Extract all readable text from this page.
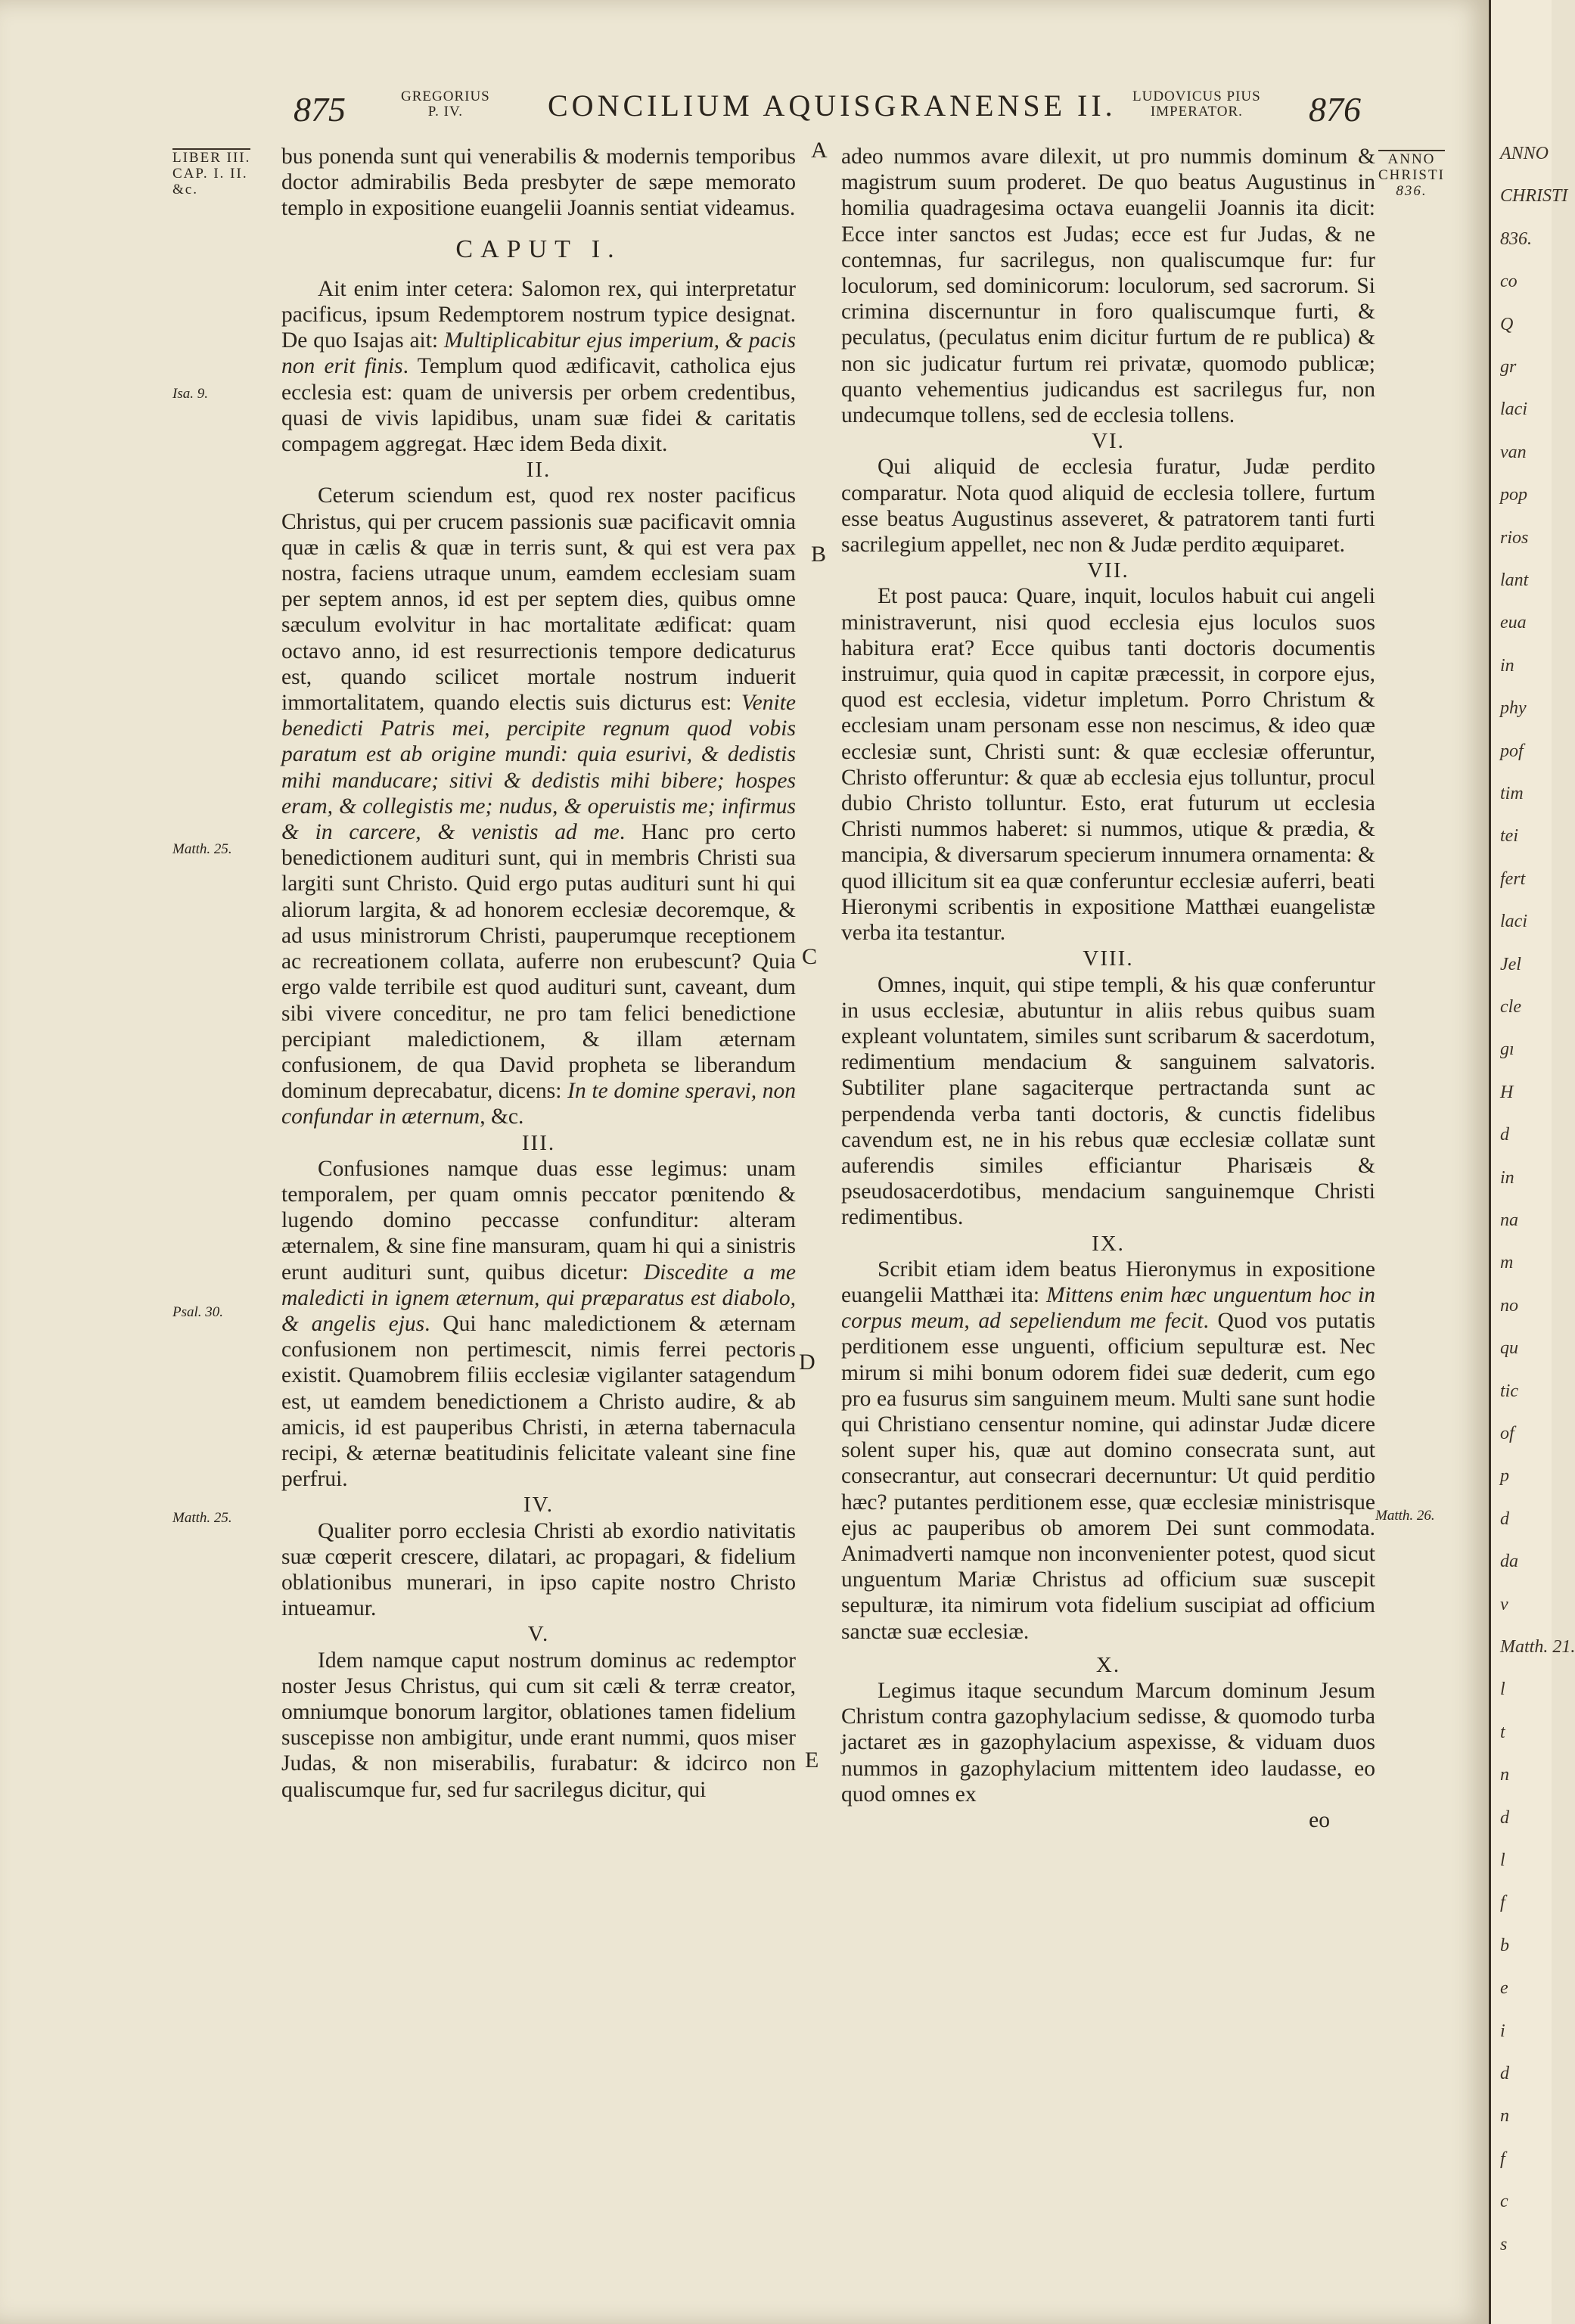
875	GREGORIUS
P. IV.	CONCILIUM AQUISGRANENSE II. LUDOVICUS PIUS
IMPERATOR.	876
LIBER III.
CAP. I. II.
&c.
Isa. 9.
Matth. 25.
Psal. 30.
Matth. 25.
ANNO
CHRISTI
836.
Matth. 26.
A
B
C
D
E

bus ponenda sunt qui venerabilis & modernis temporibus doctor admirabilis Beda presbyter de sæpe memorato templo in expositione euangelii Joannis sentiat videamus.

CAPUT I.

Ait enim inter cetera: Salomon rex, qui interpretatur pacificus, ipsum Redemptorem nostrum typice designat. De quo Isajas ait: Multiplicabitur ejus imperium, & pacis non erit finis. Templum quod ædificavit, catholica ejus ecclesia est: quam de universis per orbem credentibus, quasi de vivis lapidibus, unam suæ fidei & caritatis compagem aggregat. Hæc idem Beda dixit.

II.

Ceterum sciendum est, quod rex noster pacificus Christus, qui per crucem passionis suæ pacificavit omnia quæ in cælis & quæ in terris sunt, & qui est vera pax nostra, faciens utraque unum, eamdem ecclesiam suam per septem annos, id est per septem dies, quibus omne sæculum evolvitur in hac mortalitate ædificat: quam octavo anno, id est resurrectionis tempore dedicaturus est, quando scilicet mortale nostrum induerit immortalitatem, quando electis suis dicturus est: Venite benedicti Patris mei, percipite regnum quod vobis paratum est ab origine mundi: quia esurivi, & dedistis mihi manducare; sitivi & dedistis mihi bibere; hospes eram, & collegistis me; nudus, & operuistis me; infirmus & in carcere, & venistis ad me. Hanc pro certo benedictionem audituri sunt, qui in membris Christi sua largiti sunt Christo. Quid ergo putas audituri sunt hi qui aliorum largita, & ad honorem ecclesiæ decoremque, & ad usus ministrorum Christi, pauperumque receptionem ac recreationem collata, auferre non erubescunt? Quia ergo valde terribile est quod audituri sunt, caveant, dum sibi vivere conceditur, ne pro tam felici benedictione percipiant maledictionem, & illam æternam confusionem, de qua David propheta se liberandum dominum deprecabatur, dicens: In te domine speravi, non confundar in æternum, &c.

III.

Confusiones namque duas esse legimus: unam temporalem, per quam omnis peccator pœnitendo & lugendo domino peccasse confunditur: alteram æternalem, & sine fine mansuram, quam hi qui a sinistris erunt audituri sunt, quibus dicetur: Discedite a me maledicti in ignem æternum, qui præparatus est diabolo, & angelis ejus. Qui hanc maledictionem & æternam confusionem non pertimescit, nimis ferrei pectoris existit. Quamobrem filiis ecclesiæ vigilanter satagendum est, ut eamdem benedictionem a Christo audire, & ab amicis, id est pauperibus Christi, in æterna tabernacula recipi, & æternæ beatitudinis felicitate valeant sine fine perfrui.

IV.

Qualiter porro ecclesia Christi ab exordio nativitatis suæ cœperit crescere, dilatari, ac propagari, & fidelium oblationibus munerari, in ipso capite nostro Christo intueamur.

V.

Idem namque caput nostrum dominus ac redemptor noster Jesus Christus, qui cum sit cæli & terræ creator, omniumque bonorum largitor, oblationes tamen fidelium suscepisse non ambigitur, unde erant nummi, quos miser Judas, & non miserabilis, furabatur: & idcirco non qualiscumque fur, sed fur sacrilegus dicitur, qui

adeo nummos avare dilexit, ut pro nummis dominum & magistrum suum proderet. De quo beatus Augustinus in homilia quadragesima octava euangelii Joannis ita dicit: Ecce inter sanctos est Judas; ecce est fur Judas, & ne contemnas, fur sacrilegus, non qualiscumque fur: fur loculorum, sed dominicorum: loculorum, sed sacrorum. Si crimina discernuntur in foro qualiscumque furti, & peculatus, (peculatus enim dicitur furtum de re publica) & non sic judicatur furtum rei privatæ, quomodo publicæ; quanto vehementius judicandus est sacrilegus fur, non undecumque tollens, sed de ecclesia tollens.

VI.

Qui aliquid de ecclesia furatur, Judæ perdito comparatur. Nota quod aliquid de ecclesia tollere, furtum esse beatus Augustinus asseveret, & patratorem tanti furti sacrilegium appellet, nec non & Judæ perdito æquiparet.

VII.

Et post pauca: Quare, inquit, loculos habuit cui angeli ministraverunt, nisi quod ecclesia ejus loculos suos habitura erat? Ecce quibus tanti doctoris documentis instruimur, quia quod in capitæ præcessit, in corpore ejus, quod est ecclesia, videtur impletum. Porro Christum & ecclesiam unam personam esse non nescimus, & ideo quæ ecclesiæ sunt, Christi sunt: & quæ ecclesiæ offeruntur, Christo offeruntur: & quæ ab ecclesia ejus tolluntur, procul dubio Christo tolluntur. Esto, erat futurum ut ecclesia Christi nummos haberet: si nummos, utique & prædia, & mancipia, & diversarum specierum innumera ornamenta: & quod illicitum sit ea quæ conferuntur ecclesiæ auferri, beati Hieronymi scribentis in expositione Matthæi euangelistæ verba ita testantur.

VIII.

Omnes, inquit, qui stipe templi, & his quæ conferuntur in usus ecclesiæ, abutuntur in aliis rebus quibus suam expleant voluntatem, similes sunt scribarum & sacerdotum, redimentium mendacium & sanguinem salvatoris. Subtiliter plane sagaciterque pertractanda sunt ac perpendenda verba tanti doctoris, & cunctis fidelibus cavendum est, ne in his rebus quæ ecclesiæ collatæ sunt auferendis similes efficiantur Pharisæis & pseudosacerdotibus, mendacium sanguinemque Christi redimentibus.

IX.

Scribit etiam idem beatus Hieronymus in expositione euangelii Matthæi ita: Mittens enim hæc unguentum hoc in corpus meum, ad sepeliendum me fecit. Quod vos putatis perditionem esse unguenti, officium sepulturæ est. Nec mirum si mihi bonum odorem fidei suæ dederit, cum ego pro ea fusurus sim sanguinem meum. Multi sane sunt hodie qui Christiano censentur nomine, qui adinstar Judæ dicere solent super his, quæ aut domino consecrata sunt, aut consecrantur, aut consecrari decernuntur: Ut quid perditio hæc? putantes perditionem esse, quæ ecclesiæ ministrisque ejus ac pauperibus ob amorem Dei sunt commodata. Animadverti namque non inconvenienter potest, quod sicut unguentum Mariæ Christus ad officium suæ suscepit sepulturæ, ita nimirum vota fidelium suscipiat ad officium sanctæ suæ ecclesiæ.

X.

Legimus itaque secundum Marcum dominum Jesum Christum contra gazophylacium sedisse, & quomodo turba jactaret æs in gazophylacium aspexisse, & viduam duos nummos in gazophylacium mittentem ideo laudasse, eo quod omnes ex

eo

ANNO
CHRISTI
836.
co
Q
gr
laci
van
pop
rios
lant
eua
in
phy
pof
tim
tei
fert
laci
Jel
cle
gı
H
d
in
na
m
no
qu
tic
of
p
d
da
v
Matth. 21.
l
t
n
d
l
f
b
e
i
d
n
f
c
s
